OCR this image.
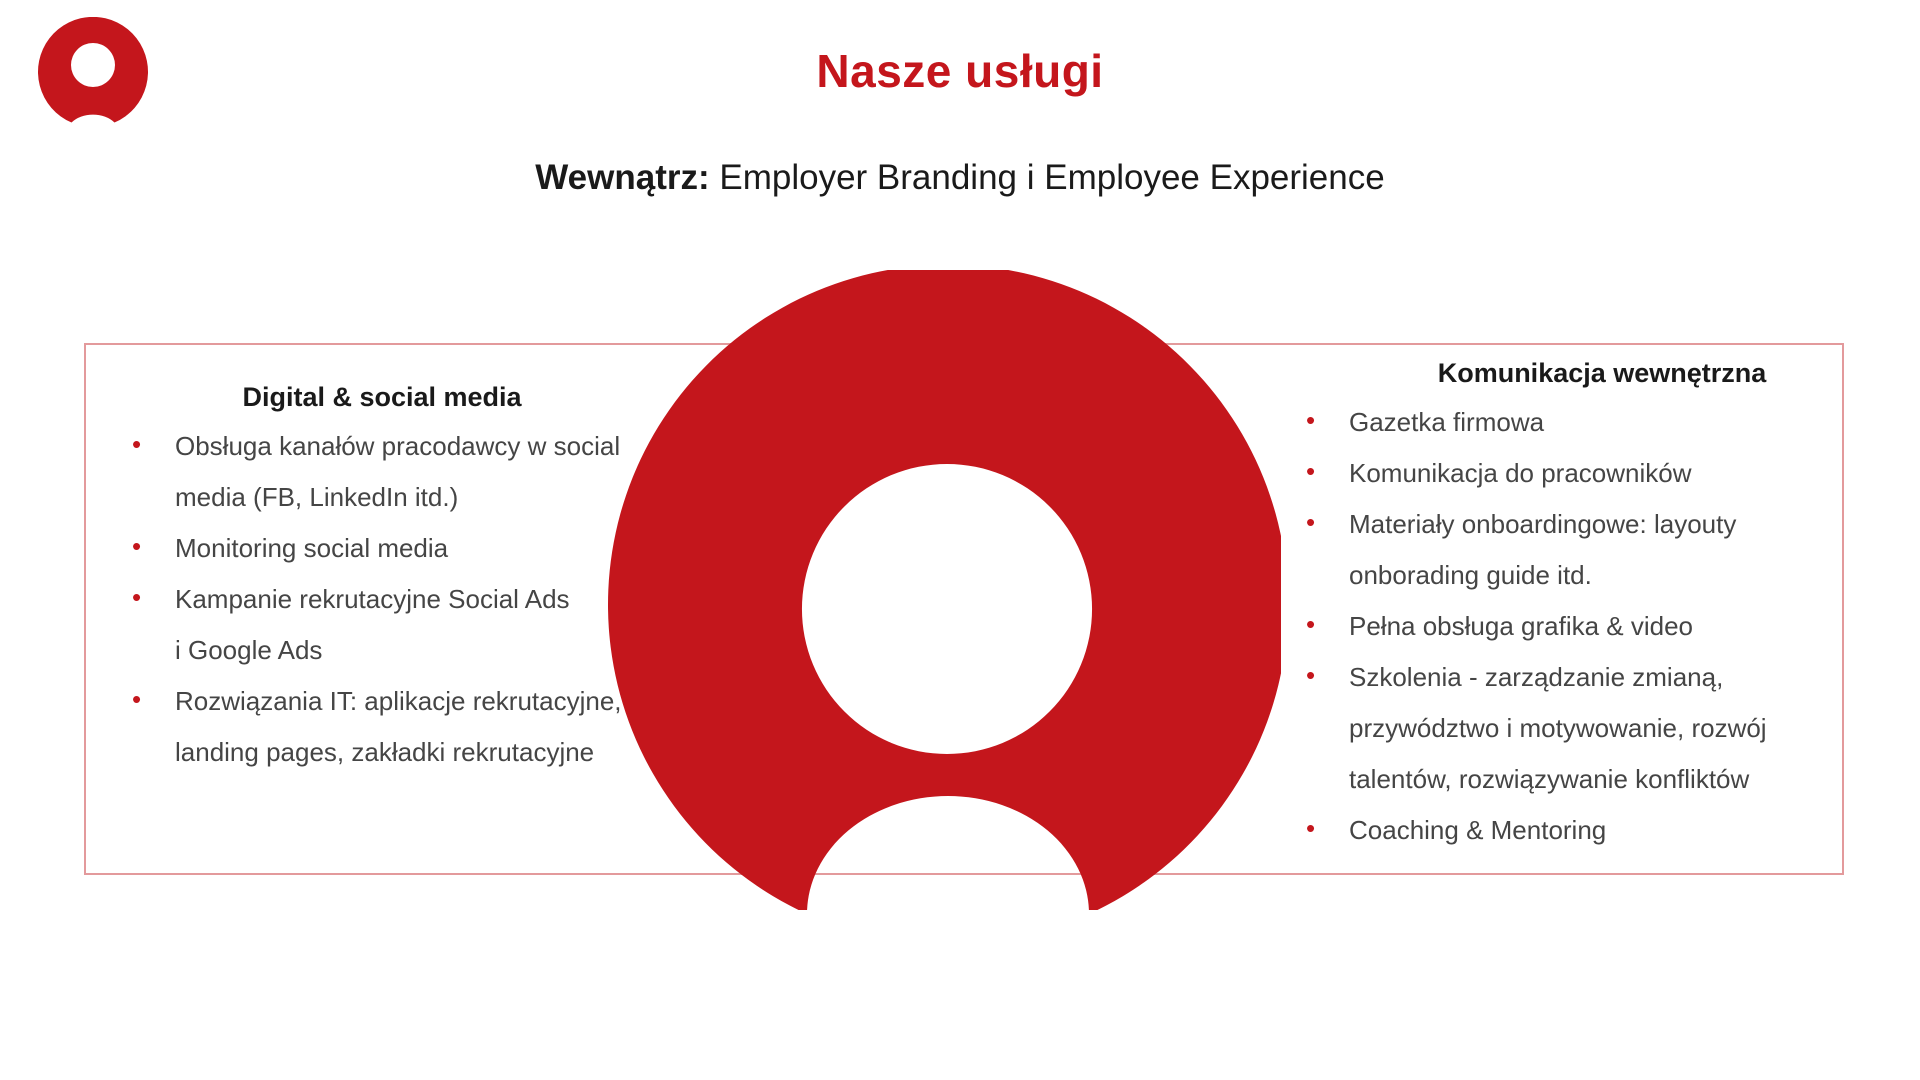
Nasze usługi

Wewnątrz: Employer Branding i Employee Experience

Digital & social media
• Obsługa kanałów pracodawcy w social
media (FB, LinkedIn itd.)
• Monitoring social media
• Kampanie rekrutacyjne Social Ads
i Google Ads
• Rozwiązania IT: aplikacje rekrutacyjne,
landing pages, zakładki rekrutacyjne
Komunikacja wewnętrzna
• Gazetka firmowa
• Komunikacja do pracowników
• Materiały onboardingowe: layouty
onborading guide itd.
• Pełna obsługa grafika & video
• Szkolenia - zarządzanie zmianą,
przywództwo i motywowanie, rozwój
talentów, rozwiązywanie konfliktów
• Coaching & Mentoring
